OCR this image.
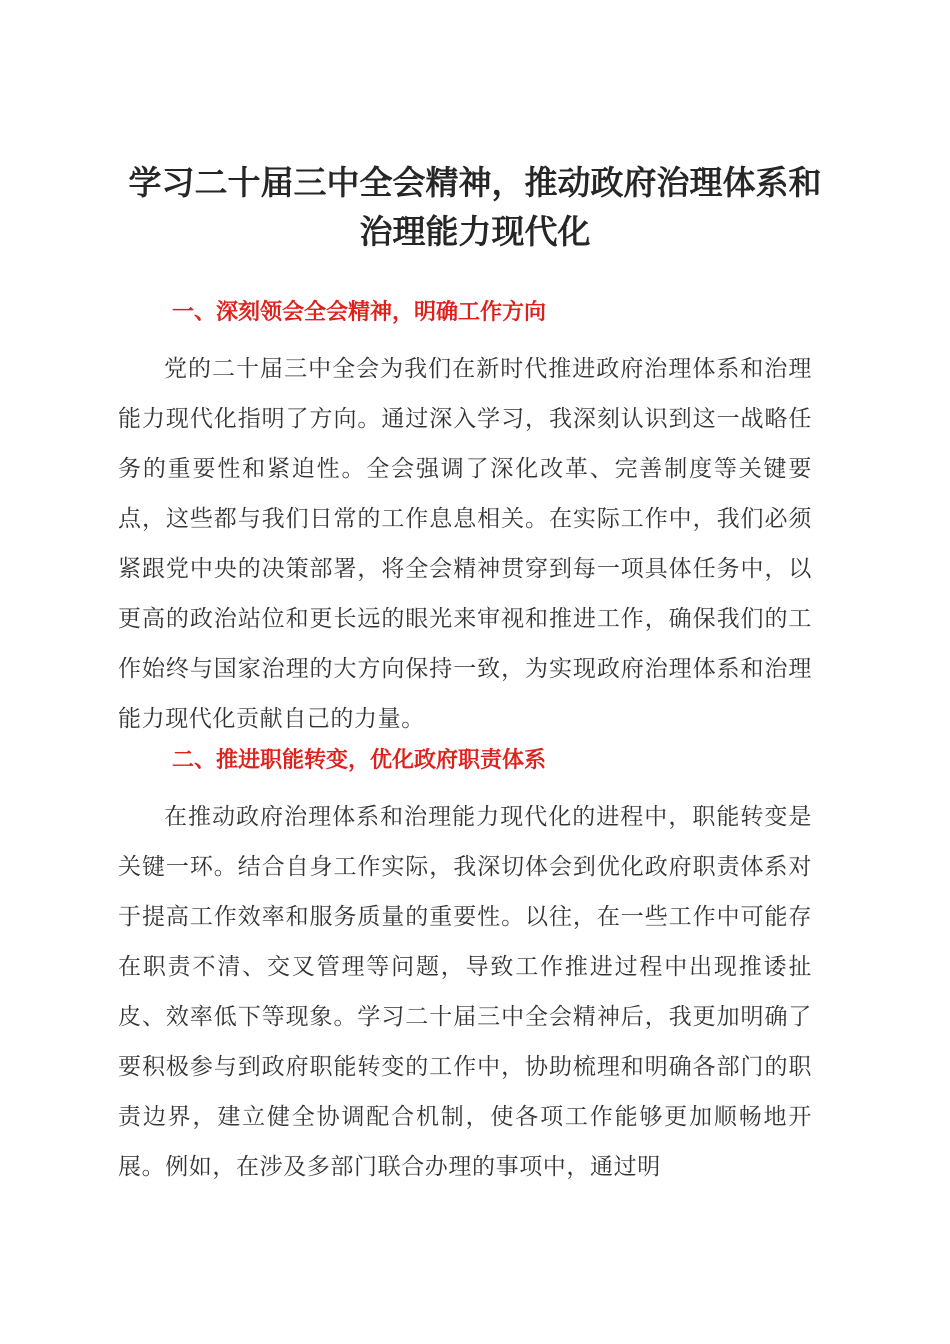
学习二十届三中全会精神，推动政府治理体系和治理能力现代化
一、深刻领会全会精神，明确工作方向

党的二十届三中全会为我们在新时代推进政府治理体系和治理能力现代化指明了方向。通过深入学习，我深刻认识到这一战略任务的重要性和紧迫性。全会强调了深化改革、完善制度等关键要点，这些都与我们日常的工作息息相关。在实际工作中，我们必须紧跟党中央的决策部署，将全会精神贯穿到每一项具体任务中，以更高的政治站位和更长远的眼光来审视和推进工作，确保我们的工作始终与国家治理的大方向保持一致，为实现政府治理体系和治理能力现代化贡献自己的力量。

二、推进职能转变，优化政府职责体系

在推动政府治理体系和治理能力现代化的进程中，职能转变是关键一环。结合自身工作实际，我深切体会到优化政府职责体系对于提高工作效率和服务质量的重要性。以往，在一些工作中可能存在职责不清、交叉管理等问题，导致工作推进过程中出现推诿扯皮、效率低下等现象。学习二十届三中全会精神后，我更加明确了要积极参与到政府职能转变的工作中，协助梳理和明确各部门的职责边界，建立健全协调配合机制，使各项工作能够更加顺畅地开展。例如，在涉及多部门联合办理的事项中，通过明
